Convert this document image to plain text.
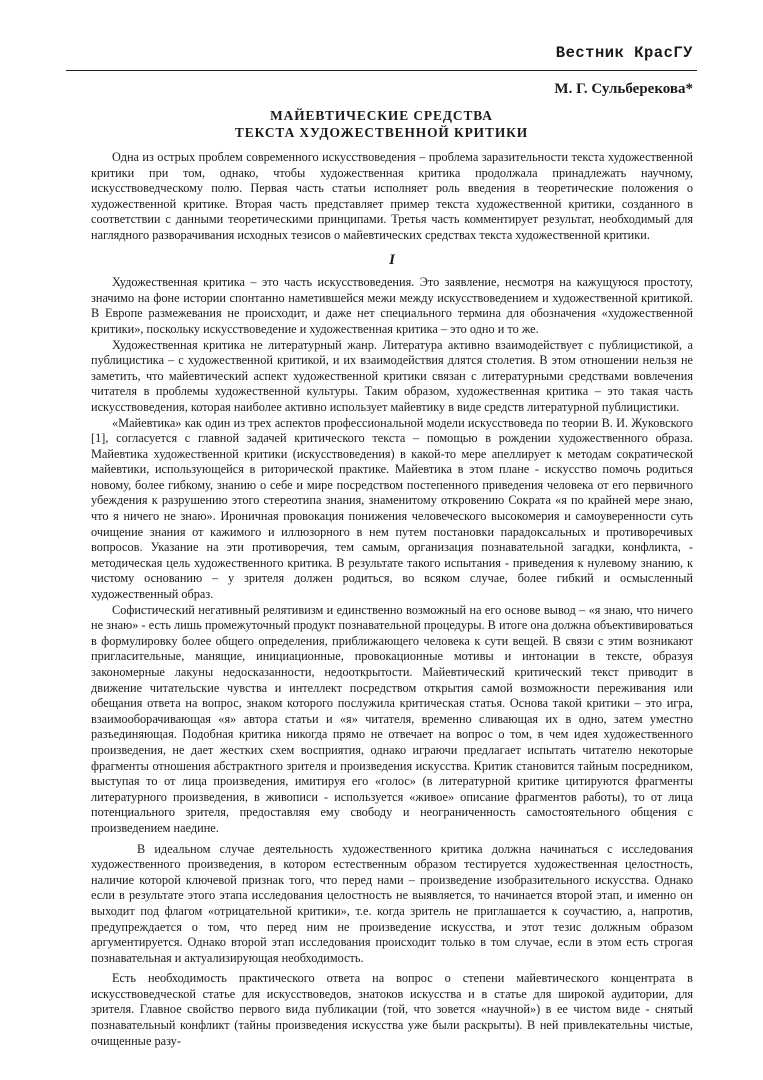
Вестник КрасГУ
М. Г. Сульберекова*
МАЙЕВТИЧЕСКИЕ СРЕДСТВА
ТЕКСТА ХУДОЖЕСТВЕННОЙ КРИТИКИ

Одна из острых проблем современного искусствоведения – проблема заразительности текста художественной критики при том, однако, чтобы художественная критика продолжала принадлежать научному, искусствоведческому полю. Первая часть статьи исполняет роль введения в теоретические положения о художественной критике. Вторая часть представляет пример текста художественной критики, созданного в соответствии с данными теоретическими принципами. Третья часть комментирует результат, необходимый для наглядного разворачивания исходных тезисов о майевтических средствах текста художественной критики.

I

Художественная критика – это часть искусствоведения. Это заявление, несмотря на кажущуюся простоту, значимо на фоне истории спонтанно наметившейся межи между искусствоведением и художественной критикой. В Европе размежевания не происходит, и даже нет специального термина для обозначения «художественной критики», поскольку искусствоведение и художественная критика – это одно и то же.

Художественная критика не литературный жанр. Литература активно взаимодействует с публицистикой, а публицистика – с художественной критикой, и их взаимодействия длятся столетия. В этом отношении нельзя не заметить, что майевтический аспект художественной критики связан с литературными средствами вовлечения читателя в проблемы художественной культуры. Таким образом, художественная критика – это такая часть искусствоведения, которая наиболее активно использует майевтику в виде средств литературной публицистики.

«Майевтика» как один из трех аспектов профессиональной модели искусствоведа по теории В. И. Жуковского [1], согласуется с главной задачей критического текста – помощью в рождении художественного образа. Майевтика художественной критики (искусствоведения) в какой-то мере апеллирует к методам сократической майевтики, использующейся в риторической практике. Майевтика в этом плане - искусство помочь родиться новому, более гибкому, знанию о себе и мире посредством постепенного приведения человека от его первичного убеждения к разрушению этого стереотипа знания, знаменитому откровению Сократа «я по крайней мере знаю, что я ничего не знаю». Ироничная провокация понижения человеческого высокомерия и самоуверенности суть очищение знания от кажимого и иллюзорного в нем путем постановки парадоксальных и противоречивых вопросов. Указание на эти противоречия, тем самым, организация познавательной загадки, конфликта, - методическая цель художественного критика. В результате такого испытания - приведения к нулевому знанию, к чистому основанию – у зрителя должен родиться, во всяком случае, более гибкий и осмысленный художественный образ.

Софистический негативный релятивизм и единственно возможный на его основе вывод – «я знаю, что ничего не знаю» - есть лишь промежуточный продукт познавательной процедуры. В итоге она должна объективироваться в формулировку более общего определения, приближающего человека к сути вещей. В связи с этим возникают пригласительные, манящие, инициационные, провокационные мотивы и интонации в тексте, образуя закономерные лакуны недосказанности, недооткрытости. Майевтический критический текст приводит в движение читательские чувства и интеллект посредством открытия самой возможности переживания или обещания ответа на вопрос, знаком которого послужила критическая статья. Основа такой критики – это игра, взаимооборачивающая «я» автора статьи и «я» читателя, временно сливающая их в одно, затем уместно разъединяющая. Подобная критика никогда прямо не отвечает на вопрос о том, в чем идея художественного произведения, не дает жестких схем восприятия, однако играючи предлагает испытать читателю некоторые фрагменты отношения абстрактного зрителя и произведения искусства. Критик становится тайным посредником, выступая то от лица произведения, имитируя его «голос» (в литературной критике цитируются фрагменты литературного произведения, в живописи - используется «живое» описание фрагментов работы), то от лица потенциального зрителя, предоставляя ему свободу и неограниченность самостоятельного общения с произведением наедине.

В идеальном случае деятельность художественного критика должна начинаться с исследования художественного произведения, в котором естественным образом тестируется художественная целостность, наличие которой ключевой признак того, что перед нами – произведение изобразительного искусства. Однако если в результате этого этапа исследования целостность не выявляется, то начинается второй этап, и именно он выходит под флагом «отрицательной критики», т.е. когда зритель не приглашается к соучастию, а, напротив, предупреждается о том, что перед ним не произведение искусства, и этот тезис должным образом аргументируется. Однако второй этап исследования происходит только в том случае, если в этом есть строгая познавательная и актуализирующая необходимость.

Есть необходимость практического ответа на вопрос о степени майевтического концентрата в искусствоведческой статье для искусствоведов, знатоков искусства и в статье для широкой аудитории, для зрителя. Главное свойство первого вида публикации (той, что зовется «научной») в ее чистом виде - снятый познавательный конфликт (тайны произведения искусства уже были раскрыты). В ней привлекательны чистые, очищенные разу-
